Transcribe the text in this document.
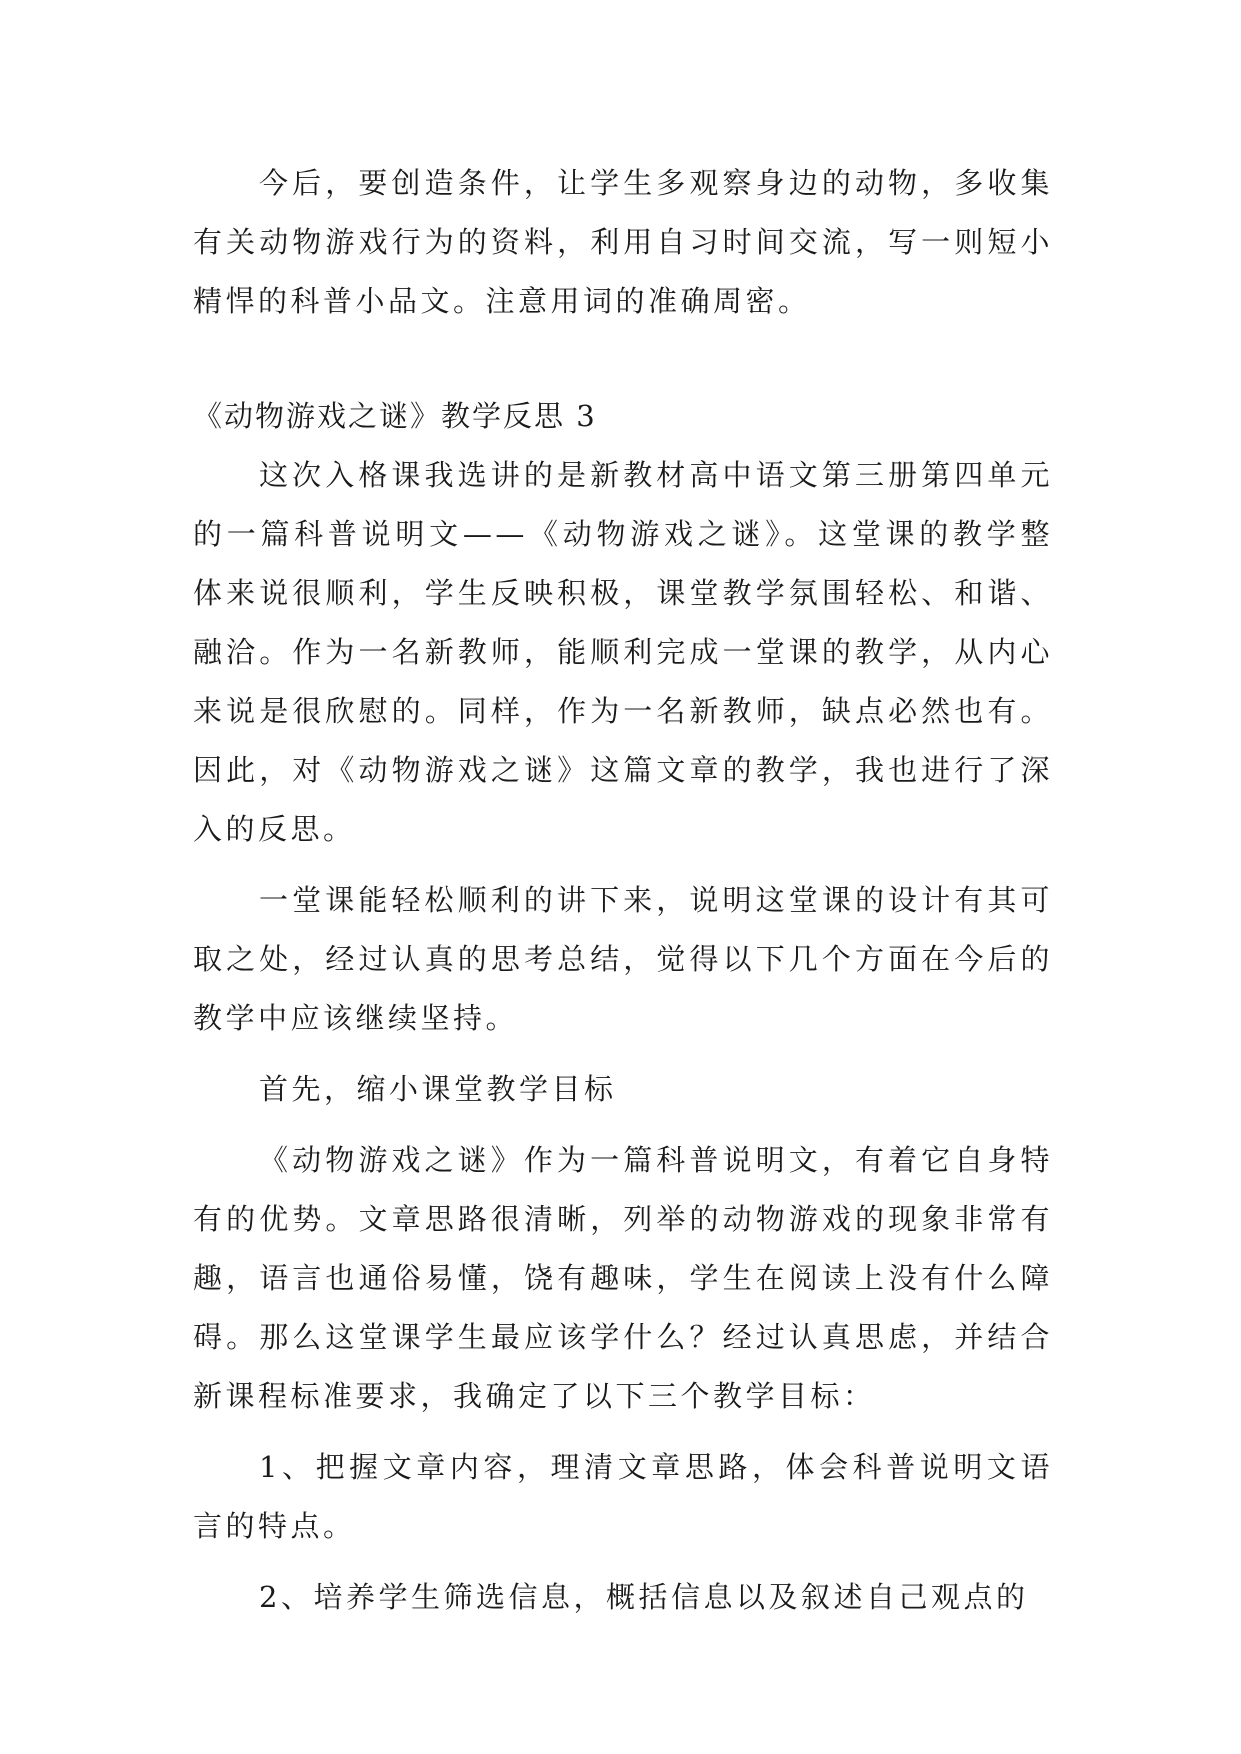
今后，要创造条件，让学生多观察身边的动物，多收集有关动物游戏行为的资料，利用自习时间交流，写一则短小精悍的科普小品文。注意用词的准确周密。

《动物游戏之谜》教学反思 3

这次入格课我选讲的是新教材高中语文第三册第四单元的一篇科普说明文——《动物游戏之谜》。这堂课的教学整体来说很顺利，学生反映积极，课堂教学氛围轻松、和谐、融洽。作为一名新教师，能顺利完成一堂课的教学，从内心来说是很欣慰的。同样，作为一名新教师，缺点必然也有。因此，对《动物游戏之谜》这篇文章的教学，我也进行了深入的反思。

一堂课能轻松顺利的讲下来，说明这堂课的设计有其可取之处，经过认真的思考总结，觉得以下几个方面在今后的教学中应该继续坚持。

首先，缩小课堂教学目标

《动物游戏之谜》作为一篇科普说明文，有着它自身特有的优势。文章思路很清晰，列举的动物游戏的现象非常有趣，语言也通俗易懂，饶有趣味，学生在阅读上没有什么障碍。那么这堂课学生最应该学什么？经过认真思虑，并结合新课程标准要求，我确定了以下三个教学目标：

1、把握文章内容，理清文章思路，体会科普说明文语言的特点。

2、培养学生筛选信息，概括信息以及叙述自己观点的
